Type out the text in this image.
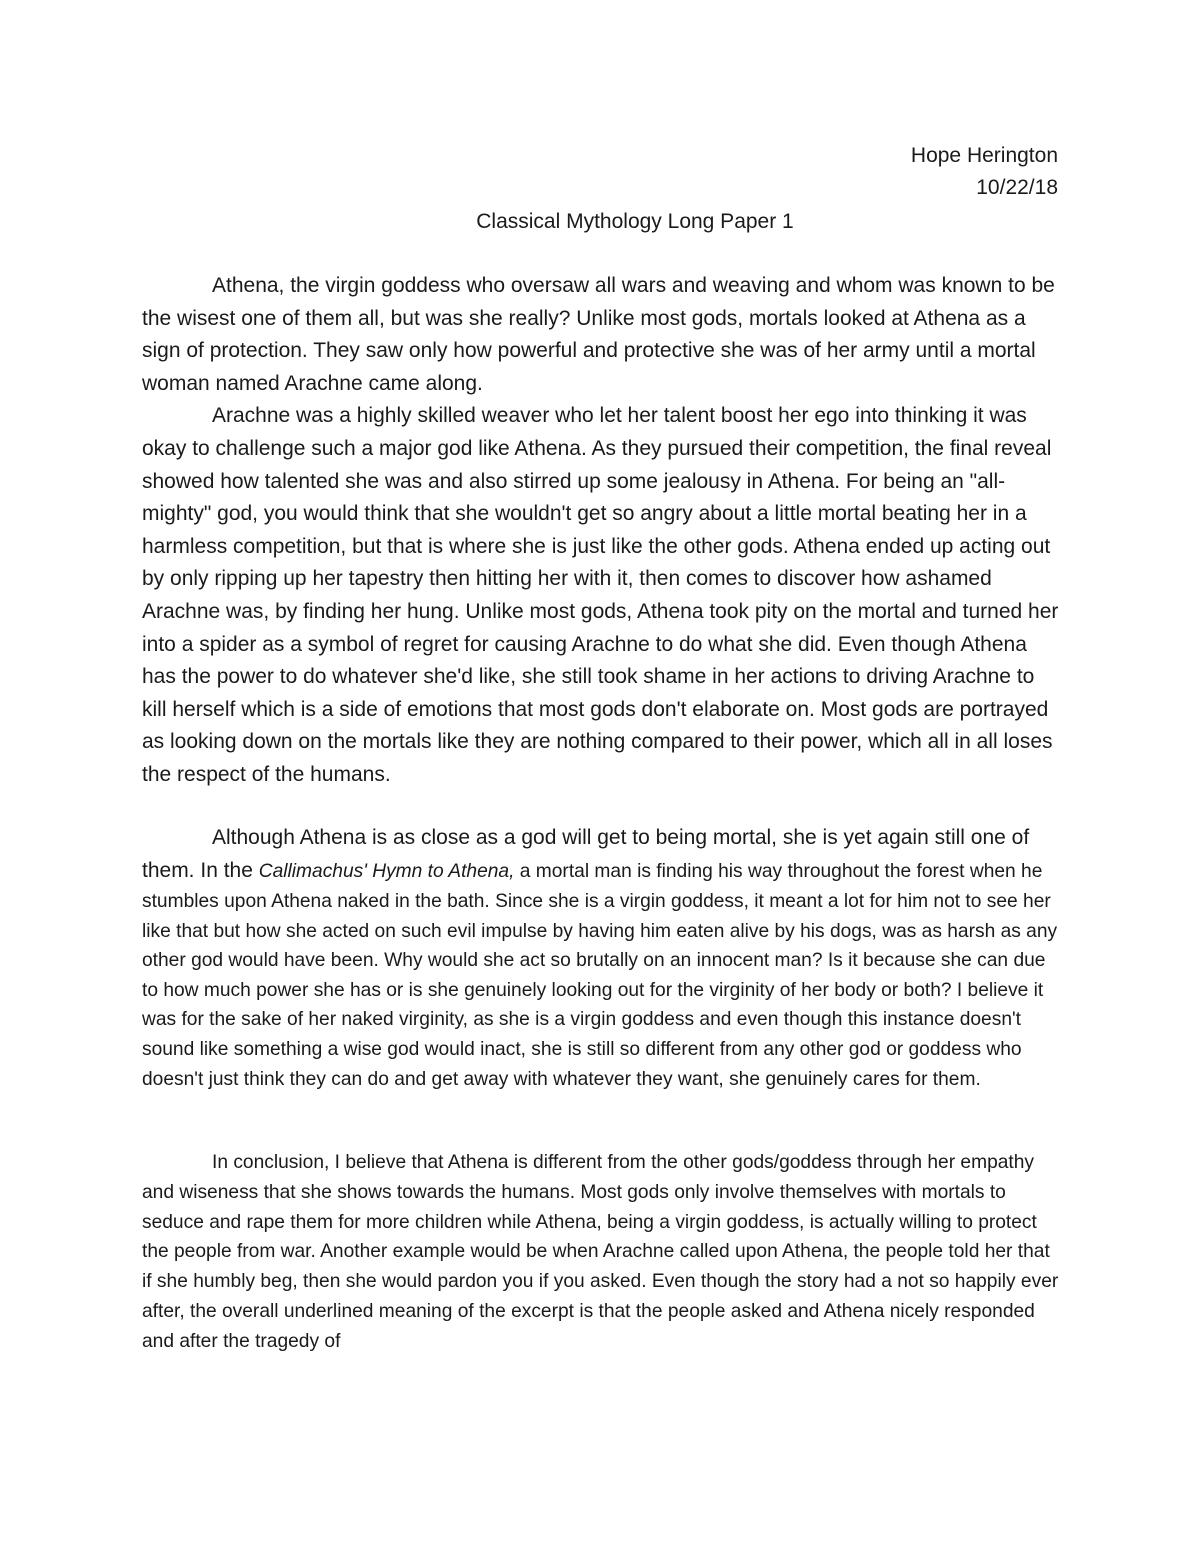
Hope Herington
10/22/18
Classical Mythology Long Paper 1

Athena, the virgin goddess who oversaw all wars and weaving and whom was known to be the wisest one of them all, but was she really? Unlike most gods, mortals looked at Athena as a sign of protection. They saw only how powerful and protective she was of her army until a mortal woman named Arachne came along.

Arachne was a highly skilled weaver who let her talent boost her ego into thinking it was okay to challenge such a major god like Athena. As they pursued their competition, the final reveal showed how talented she was and also stirred up some jealousy in Athena. For being an "all-mighty" god, you would think that she wouldn't get so angry about a little mortal beating her in a harmless competition, but that is where she is just like the other gods. Athena ended up acting out by only ripping up her tapestry then hitting her with it, then comes to discover how ashamed Arachne was, by finding her hung. Unlike most gods, Athena took pity on the mortal and turned her into a spider as a symbol of regret for causing Arachne to do what she did. Even though Athena has the power to do whatever she'd like, she still took shame in her actions to driving Arachne to kill herself which is a side of emotions that most gods don't elaborate on. Most gods are portrayed as looking down on the mortals like they are nothing compared to their power, which all in all loses the respect of the humans.

Although Athena is as close as a god will get to being mortal, she is yet again still one of them. In the Callimachus' Hymn to Athena, a mortal man is finding his way throughout the forest when he stumbles upon Athena naked in the bath. Since she is a virgin goddess, it meant a lot for him not to see her like that but how she acted on such evil impulse by having him eaten alive by his dogs, was as harsh as any other god would have been. Why would she act so brutally on an innocent man? Is it because she can due to how much power she has or is she genuinely looking out for the virginity of her body or both? I believe it was for the sake of her naked virginity, as she is a virgin goddess and even though this instance doesn't sound like something a wise god would inact, she is still so different from any other god or goddess who doesn't just think they can do and get away with whatever they want, she genuinely cares for them.

In conclusion, I believe that Athena is different from the other gods/goddess through her empathy and wiseness that she shows towards the humans. Most gods only involve themselves with mortals to seduce and rape them for more children while Athena, being a virgin goddess, is actually willing to protect the people from war. Another example would be when Arachne called upon Athena, the people told her that if she humbly beg, then she would pardon you if you asked. Even though the story had a not so happily ever after, the overall underlined meaning of the excerpt is that the people asked and Athena nicely responded and after the tragedy of
